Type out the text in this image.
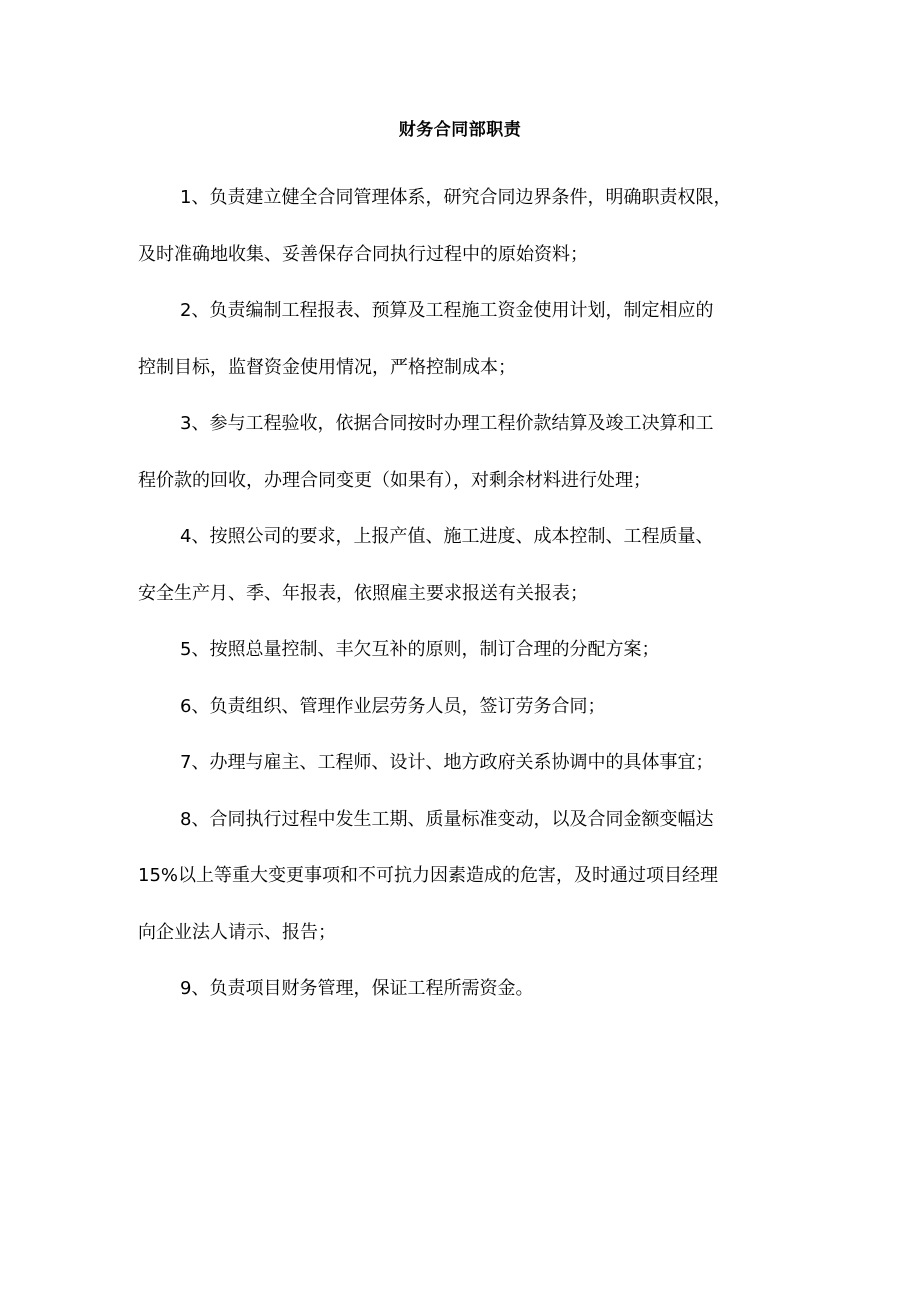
财务合同部职责
1、负责建立健全合同管理体系，研究合同边界条件，明确职责权限，
及时准确地收集、妥善保存合同执行过程中的原始资料；
2、负责编制工程报表、预算及工程施工资金使用计划，制定相应的
控制目标，监督资金使用情况，严格控制成本；
3、参与工程验收，依据合同按时办理工程价款结算及竣工决算和工
程价款的回收，办理合同变更（如果有），对剩余材料进行处理；
4、按照公司的要求，上报产值、施工进度、成本控制、工程质量、
安全生产月、季、年报表，依照雇主要求报送有关报表；
5、按照总量控制、丰欠互补的原则，制订合理的分配方案；
6、负责组织、管理作业层劳务人员，签订劳务合同；
7、办理与雇主、工程师、设计、地方政府关系协调中的具体事宜；
8、合同执行过程中发生工期、质量标准变动，以及合同金额变幅达
15%以上等重大变更事项和不可抗力因素造成的危害，及时通过项目经理
向企业法人请示、报告；
9、负责项目财务管理，保证工程所需资金。
